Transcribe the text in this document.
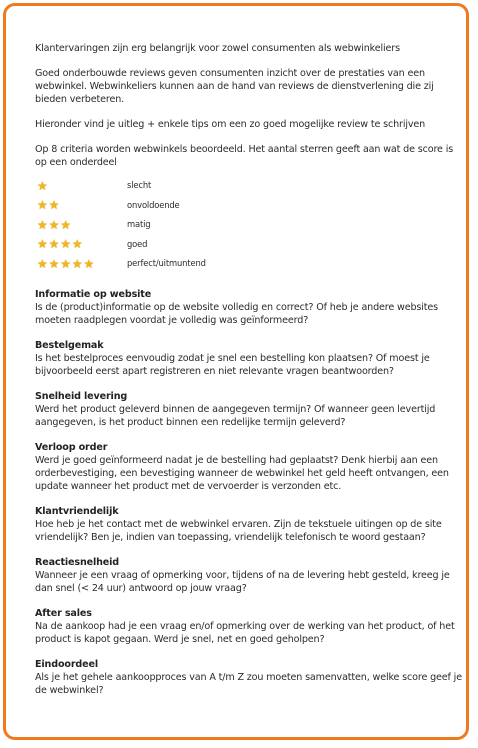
Klantervaringen zijn erg belangrijk voor zowel consumenten als webwinkeliers

Goed onderbouwde reviews geven consumenten inzicht over de prestaties van een webwinkel. Webwinkeliers kunnen aan de hand van reviews de dienstverlening die zij bieden verbeteren.

Hieronder vind je uitleg + enkele tips om een zo goed mogelijke review te schrijven

Op 8 criteria worden webwinkels beoordeeld. Het aantal sterren geeft aan wat de score is op een onderdeel

★	slecht
★ ★	onvoldoende
★ ★ ★	matig
★ ★ ★ ★	goed
★ ★ ★ ★ ★	perfect/uitmuntend
Informatie op website

Is de (product)informatie op de website volledig en correct? Of heb je andere websites moeten raadplegen voordat je volledig was geïnformeerd?

Bestelgemak

Is het bestelproces eenvoudig zodat je snel een bestelling kon plaatsen? Of moest je bijvoorbeeld eerst apart registreren en niet relevante vragen beantwoorden?

Snelheid levering

Werd het product geleverd binnen de aangegeven termijn? Of wanneer geen levertijd aangegeven, is het product binnen een redelijke termijn geleverd?

Verloop order

Werd je goed geïnformeerd nadat je de bestelling had geplaatst? Denk hierbij aan een orderbevestiging, een bevestiging wanneer de webwinkel het geld heeft ontvangen, een update wanneer het product met de vervoerder is verzonden etc.

Klantvriendelijk

Hoe heb je het contact met de webwinkel ervaren. Zijn de tekstuele uitingen op de site vriendelijk? Ben je, indien van toepassing, vriendelijk telefonisch te woord gestaan?

Reactiesnelheid

Wanneer je een vraag of opmerking voor, tijdens of na de levering hebt gesteld, kreeg je dan snel (< 24 uur) antwoord op jouw vraag?

After sales

Na de aankoop had je een vraag en/of opmerking over de werking van het product, of het product is kapot gegaan. Werd je snel, net en goed geholpen?

Eindoordeel

Als je het gehele aankoopproces van A t/m Z zou moeten samenvatten, welke score geef je de webwinkel?
